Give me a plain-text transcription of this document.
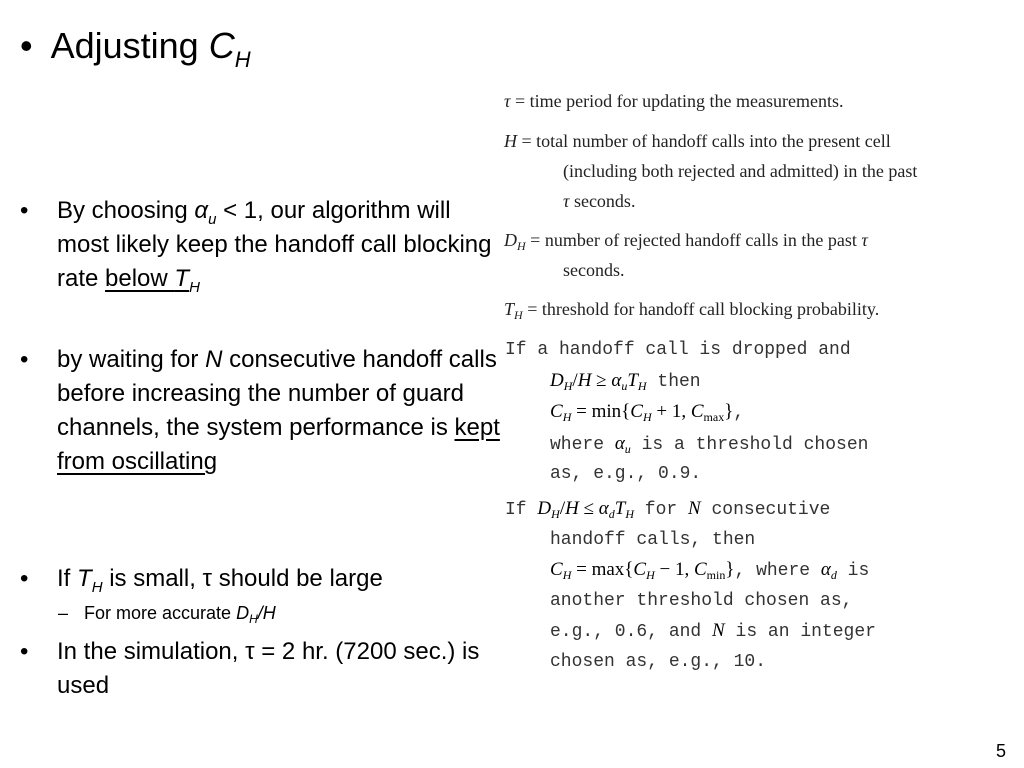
• Adjusting $C_H$
• By choosing $\alpha_u < 1$, our algorithm will most likely keep the handoff call blocking rate below $T_H$
• by waiting for N consecutive handoff calls before increasing the number of guard channels, the system performance is kept from oscillating
• If $T_H$ is small, τ should be large
– For more accurate $D_H/H$
• In the simulation, τ = 2 hr. (7200 sec.) is used
τ = time period for updating the measurements.
H = total number of handoff calls into the present cell
(including both rejected and admitted) in the past
τ seconds.
$D_H$ = number of rejected handoff calls in the past τ
seconds.
$T_H$ = threshold for handoff call blocking probability.
If a handoff call is dropped and
$D_H/H \ge \alpha_uT_H$ then
$C_H = \min\{C_H + 1$, $C_{max}$},
where $\alpha_u$ is a threshold chosen
as, e.g., 0.9.
If $D_H/H \le \alpha_dT_H$ for N consecutive
handoff calls, then
$C_H = \max\{C_H - 1$, $C_{min}$}, where $\alpha_d$ is
another threshold chosen as,
e.g., 0.6, and N is an integer
chosen as, e.g., 10.
5
